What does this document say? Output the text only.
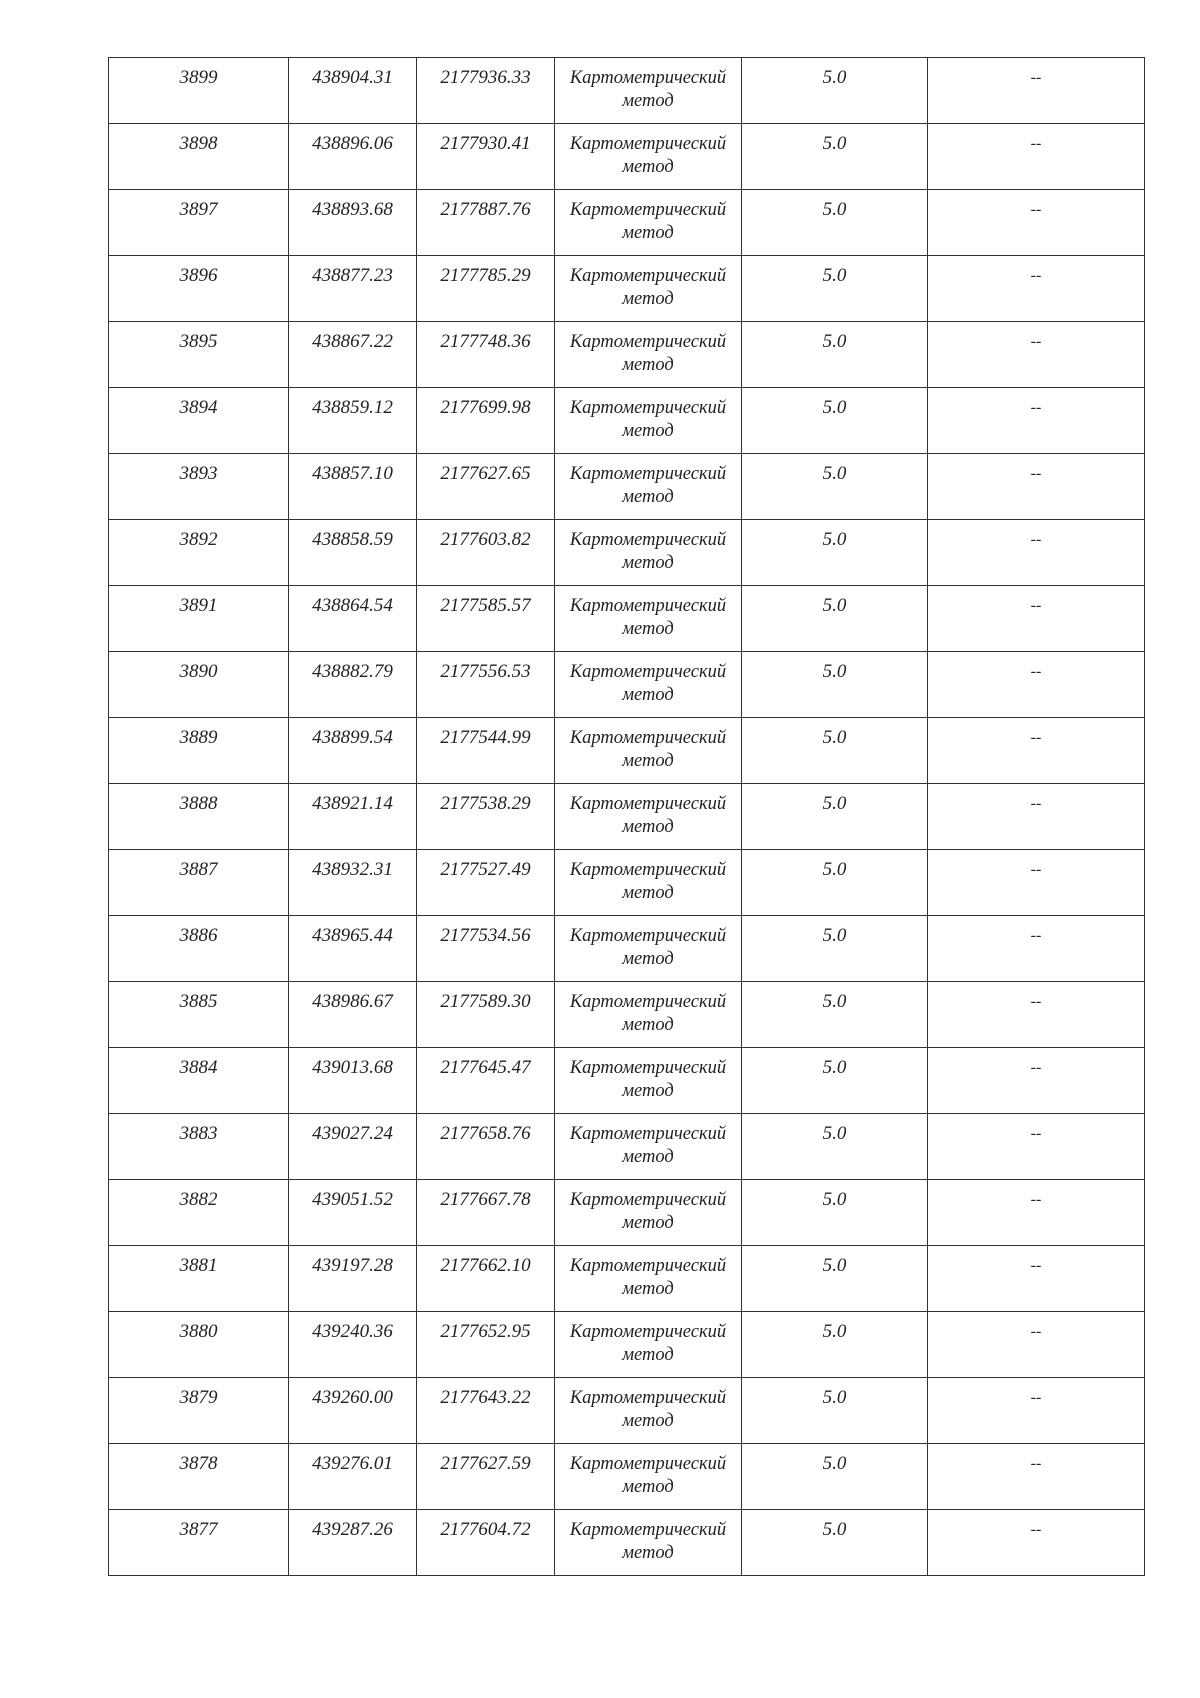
3899	438904.31	2177936.33	Картометрический метод	5.0	--
3898	438896.06	2177930.41	Картометрический метод	5.0	--
3897	438893.68	2177887.76	Картометрический метод	5.0	--
3896	438877.23	2177785.29	Картометрический метод	5.0	--
3895	438867.22	2177748.36	Картометрический метод	5.0	--
3894	438859.12	2177699.98	Картометрический метод	5.0	--
3893	438857.10	2177627.65	Картометрический метод	5.0	--
3892	438858.59	2177603.82	Картометрический метод	5.0	--
3891	438864.54	2177585.57	Картометрический метод	5.0	--
3890	438882.79	2177556.53	Картометрический метод	5.0	--
3889	438899.54	2177544.99	Картометрический метод	5.0	--
3888	438921.14	2177538.29	Картометрический метод	5.0	--
3887	438932.31	2177527.49	Картометрический метод	5.0	--
3886	438965.44	2177534.56	Картометрический метод	5.0	--
3885	438986.67	2177589.30	Картометрический метод	5.0	--
3884	439013.68	2177645.47	Картометрический метод	5.0	--
3883	439027.24	2177658.76	Картометрический метод	5.0	--
3882	439051.52	2177667.78	Картометрический метод	5.0	--
3881	439197.28	2177662.10	Картометрический метод	5.0	--
3880	439240.36	2177652.95	Картометрический метод	5.0	--
3879	439260.00	2177643.22	Картометрический метод	5.0	--
3878	439276.01	2177627.59	Картометрический метод	5.0	--
3877	439287.26	2177604.72	Картометрический метод	5.0	--
